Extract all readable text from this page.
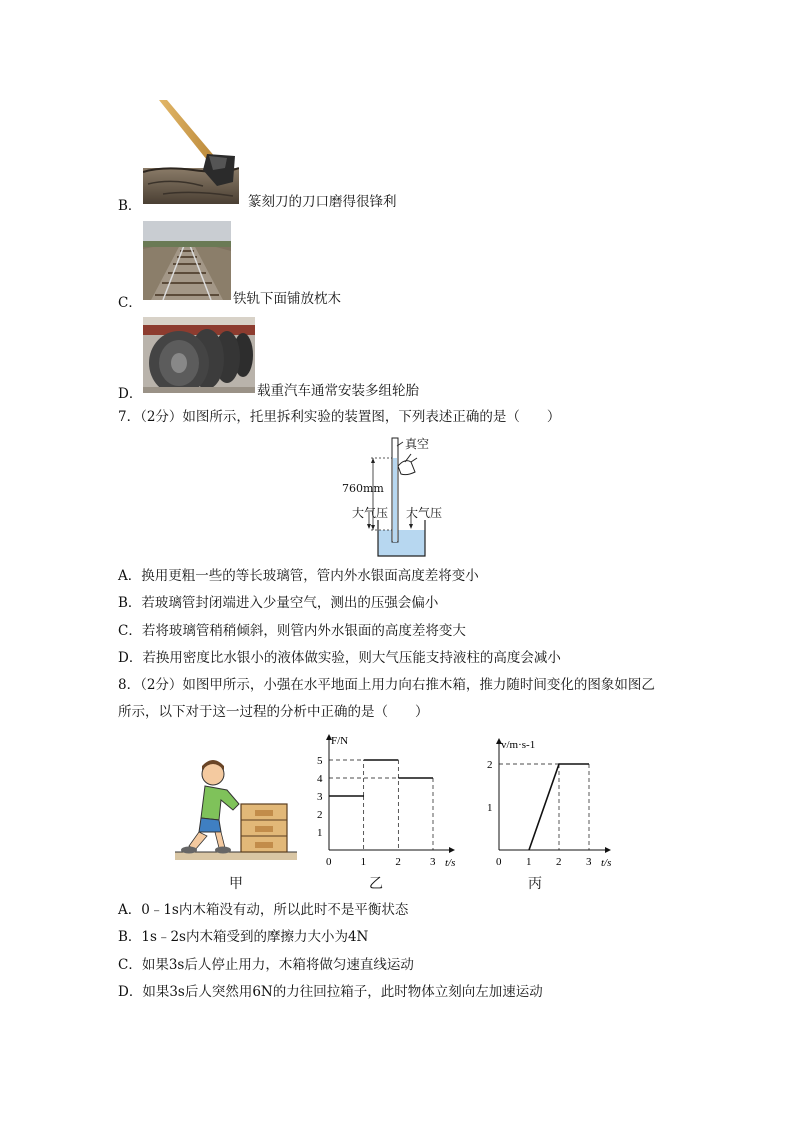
B．	篆刻刀的刀口磨得很锋利
C．	铁轨下面铺放枕木
D．	载重汽车通常安装多组轮胎
7．（2分）如图所示，托里拆利实验的装置图，下列表述正确的是（　　）
真空
760mm
大气压 大气压
A．换用更粗一些的等长玻璃管，管内外水银面高度差将变小
B．若玻璃管封闭端进入少量空气，测出的压强会偏小
C．若将玻璃管稍稍倾斜，则管内外水银面的高度差将变大
D．若换用密度比水银小的液体做实验，则大气压能支持液柱的高度会减小
8．（2分）如图甲所示，小强在水平地面上用力向右推木箱，推力随时间变化的图象如图乙
所示，以下对于这一过程的分析中正确的是（　　）
甲
t/s
F/N
0	1	2	3
1
2
3
4
5
乙
t/s
v/m·s-1
0 1 2 3
1
2
丙
A．0﹣1s内木箱没有动，所以此时不是平衡状态
B．1s﹣2s内木箱受到的摩擦力大小为4N
C．如果3s后人停止用力，木箱将做匀速直线运动
D．如果3s后人突然用6N的力往回拉箱子，此时物体立刻向左加速运动
